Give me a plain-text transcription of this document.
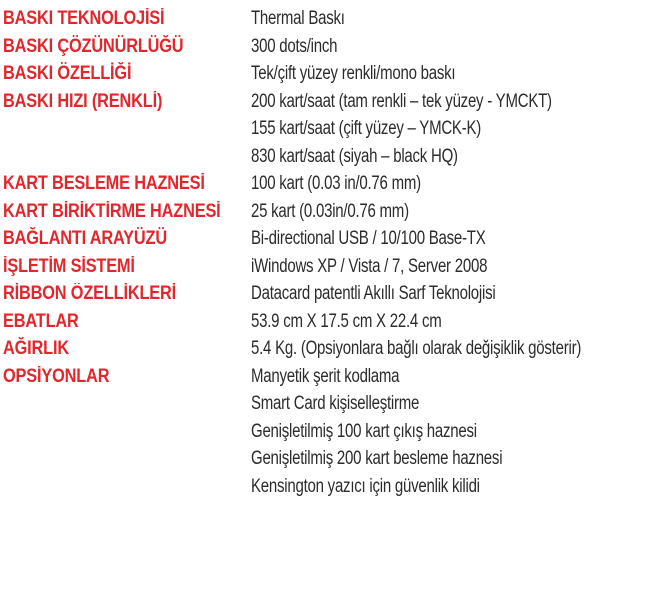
BASKI TEKNOLOJİSİ	Thermal Baskı
BASKI ÇÖZÜNÜRLÜĞÜ	300 dots/inch
BASKI ÖZELLİĞİ	Tek/çift yüzey renkli/mono baskı
BASKI HIZI (RENKLİ)	200 kart/saat (tam renkli – tek yüzey - YMCKT)
155 kart/saat (çift yüzey – YMCK-K)
830 kart/saat (siyah – black HQ)
KART BESLEME HAZNESİ	100 kart (0.03 in/0.76 mm)
KART BİRİKTİRME HAZNESİ 25 kart (0.03in/0.76 mm)
BAĞLANTI ARAYÜZÜ	Bi-directional USB / 10/100 Base-TX
İŞLETİM SİSTEMİ	iWindows XP / Vista / 7, Server 2008
RİBBON ÖZELLİKLERİ	Datacard patentli Akıllı Sarf Teknolojisi
EBATLAR	53.9 cm X 17.5 cm X 22.4 cm
AĞIRLIK	5.4 Kg. (Opsiyonlara bağlı olarak değişiklik gösterir)
OPSİYONLAR	Manyetik şerit kodlama
Smart Card kişiselleştirme
Genişletilmiş 100 kart çıkış haznesi
Genişletilmiş 200 kart besleme haznesi
Kensington yazıcı için güvenlik kilidi
